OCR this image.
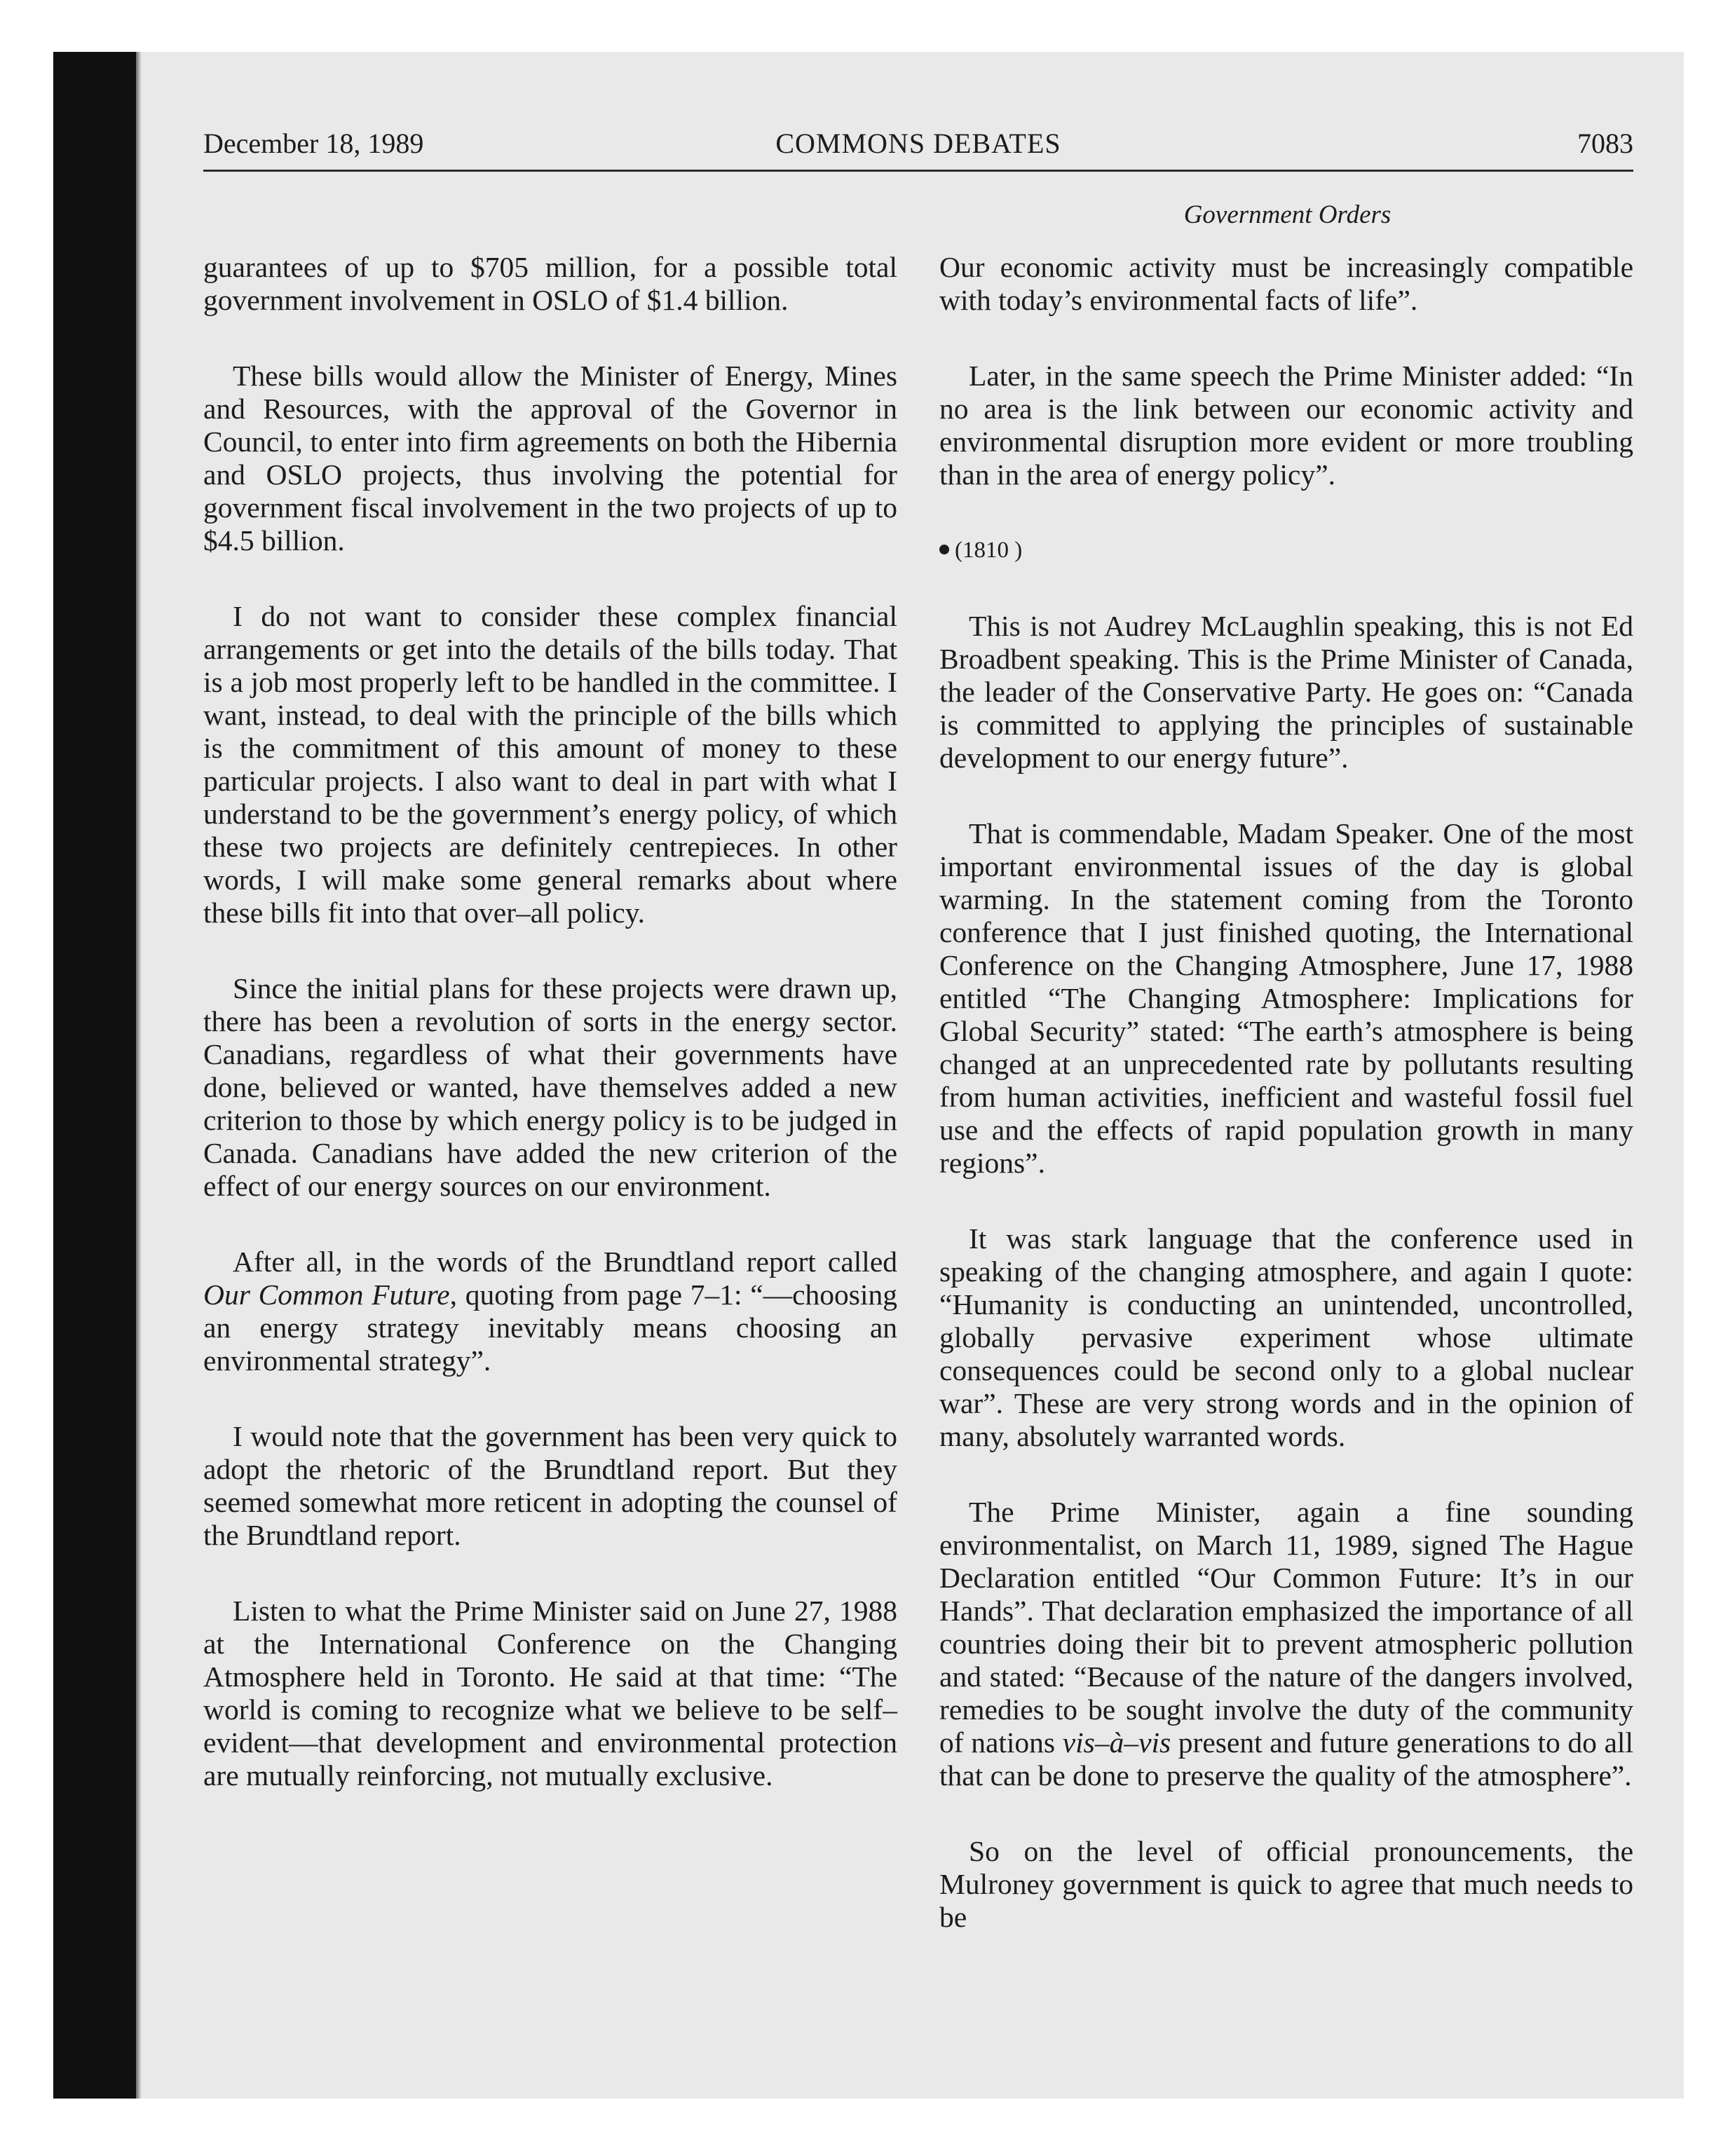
December 18, 1989	COMMONS DEBATES	7083
Government Orders

guarantees of up to $705 million, for a possible total government involvement in OSLO of $1.4 billion.

These bills would allow the Minister of Energy, Mines and Resources, with the approval of the Governor in Council, to enter into firm agreements on both the Hibernia and OSLO projects, thus involving the potential for government fiscal involvement in the two projects of up to $4.5 billion.

I do not want to consider these complex financial arrangements or get into the details of the bills today. That is a job most properly left to be handled in the committee. I want, instead, to deal with the principle of the bills which is the commitment of this amount of money to these particular projects. I also want to deal in part with what I understand to be the government’s energy policy, of which these two projects are definitely centrepieces. In other words, I will make some general remarks about where these bills fit into that over–all policy.

Since the initial plans for these projects were drawn up, there has been a revolution of sorts in the energy sector. Canadians, regardless of what their governments have done, believed or wanted, have themselves added a new criterion to those by which energy policy is to be judged in Canada. Canadians have added the new criterion of the effect of our energy sources on our environment.

After all, in the words of the Brundtland report called Our Common Future, quoting from page 7–1: “—choosing an energy strategy inevitably means choosing an environmental strategy”.

I would note that the government has been very quick to adopt the rhetoric of the Brundtland report. But they seemed somewhat more reticent in adopting the counsel of the Brundtland report.

Listen to what the Prime Minister said on June 27, 1988 at the International Conference on the Changing Atmosphere held in Toronto. He said at that time: “The world is coming to recognize what we believe to be self–evident—that development and environmental protection are mutually reinforcing, not mutually exclusive.

Our economic activity must be increasingly compatible with today’s environmental facts of life”.

Later, in the same speech the Prime Minister added: “In no area is the link between our economic activity and environmental disruption more evident or more troubling than in the area of energy policy”.

(1810 )

This is not Audrey McLaughlin speaking, this is not Ed Broadbent speaking. This is the Prime Minister of Canada, the leader of the Conservative Party. He goes on: “Canada is committed to applying the principles of sustainable development to our energy future”.

That is commendable, Madam Speaker. One of the most important environmental issues of the day is global warming. In the statement coming from the Toronto conference that I just finished quoting, the International Conference on the Changing Atmosphere, June 17, 1988 entitled “The Changing Atmosphere: Implications for Global Security” stated: “The earth’s atmosphere is being changed at an unprecedented rate by pollutants resulting from human activities, inefficient and wasteful fossil fuel use and the effects of rapid population growth in many regions”.

It was stark language that the conference used in speaking of the changing atmosphere, and again I quote: “Humanity is conducting an unintended, uncontrolled, globally pervasive experiment whose ultimate consequences could be second only to a global nuclear war”. These are very strong words and in the opinion of many, absolutely warranted words.

The Prime Minister, again a fine sounding environmentalist, on March 11, 1989, signed The Hague Declaration entitled “Our Common Future: It’s in our Hands”. That declaration emphasized the importance of all countries doing their bit to prevent atmospheric pollution and stated: “Because of the nature of the dangers involved, remedies to be sought involve the duty of the community of nations vis–à–vis present and future generations to do all that can be done to preserve the quality of the atmosphere”.

So on the level of official pronouncements, the Mulroney government is quick to agree that much needs to be
